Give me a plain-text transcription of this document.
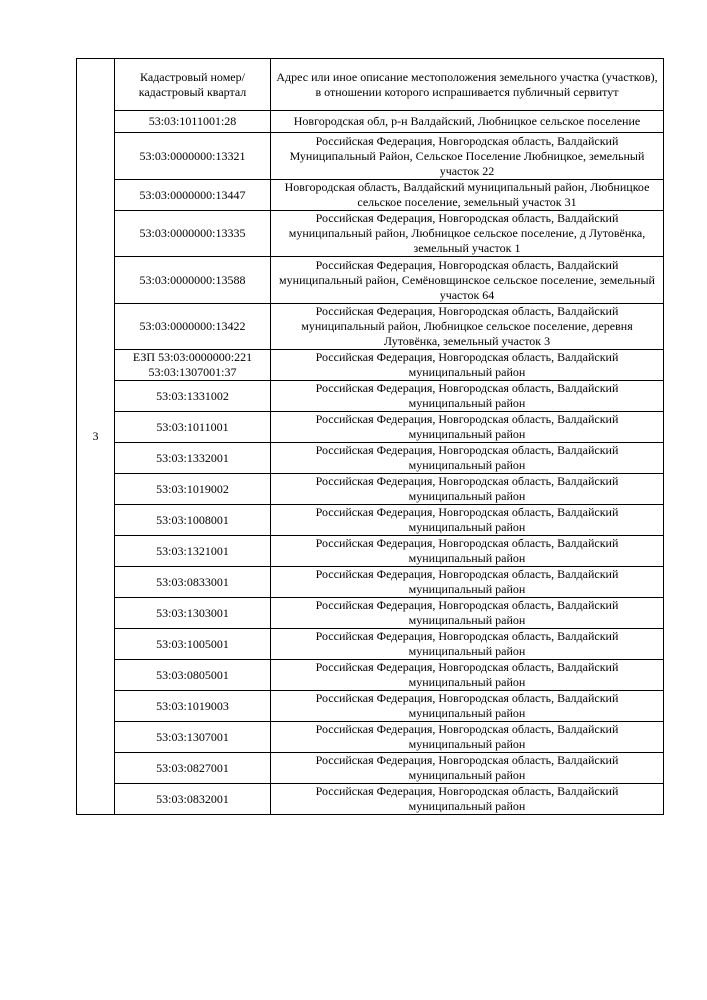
3	Кадастровый номер/кадастровый квартал	Адрес или иное описание местоположения земельного участка (участков), в отношении которого испрашивается публичный сервитут
	53:03:1011001:28	Новгородская обл, р-н Валдайский, Любницкое сельское поселение
	53:03:0000000:13321	Российская Федерация, Новгородская область, Валдайский Муниципальный Район, Сельское Поселение Любницкое, земельный участок 22
	53:03:0000000:13447	Новгородская область, Валдайский муниципальный район, Любницкое сельское поселение, земельный участок 31
	53:03:0000000:13335	Российская Федерация, Новгородская область, Валдайский муниципальный район, Любницкое сельское поселение, д Лутовёнка, земельный участок 1
	53:03:0000000:13588	Российская Федерация, Новгородская область, Валдайский муниципальный район, Семёновщинское сельское поселение, земельный участок 64
	53:03:0000000:13422	Российская Федерация, Новгородская область, Валдайский муниципальный район, Любницкое сельское поселение, деревня Лутовёнка, земельный участок 3
	ЕЗП 53:03:0000000:221 53:03:1307001:37	Российская Федерация, Новгородская область, Валдайский муниципальный район
	53:03:1331002	Российская Федерация, Новгородская область, Валдайский муниципальный район
	53:03:1011001	Российская Федерация, Новгородская область, Валдайский муниципальный район
	53:03:1332001	Российская Федерация, Новгородская область, Валдайский муниципальный район
	53:03:1019002	Российская Федерация, Новгородская область, Валдайский муниципальный район
	53:03:1008001	Российская Федерация, Новгородская область, Валдайский муниципальный район
	53:03:1321001	Российская Федерация, Новгородская область, Валдайский муниципальный район
	53:03:0833001	Российская Федерация, Новгородская область, Валдайский муниципальный район
	53:03:1303001	Российская Федерация, Новгородская область, Валдайский муниципальный район
	53:03:1005001	Российская Федерация, Новгородская область, Валдайский муниципальный район
	53:03:0805001	Российская Федерация, Новгородская область, Валдайский муниципальный район
	53:03:1019003	Российская Федерация, Новгородская область, Валдайский муниципальный район
	53:03:1307001	Российская Федерация, Новгородская область, Валдайский муниципальный район
	53:03:0827001	Российская Федерация, Новгородская область, Валдайский муниципальный район
	53:03:0832001	Российская Федерация, Новгородская область, Валдайский муниципальный район
